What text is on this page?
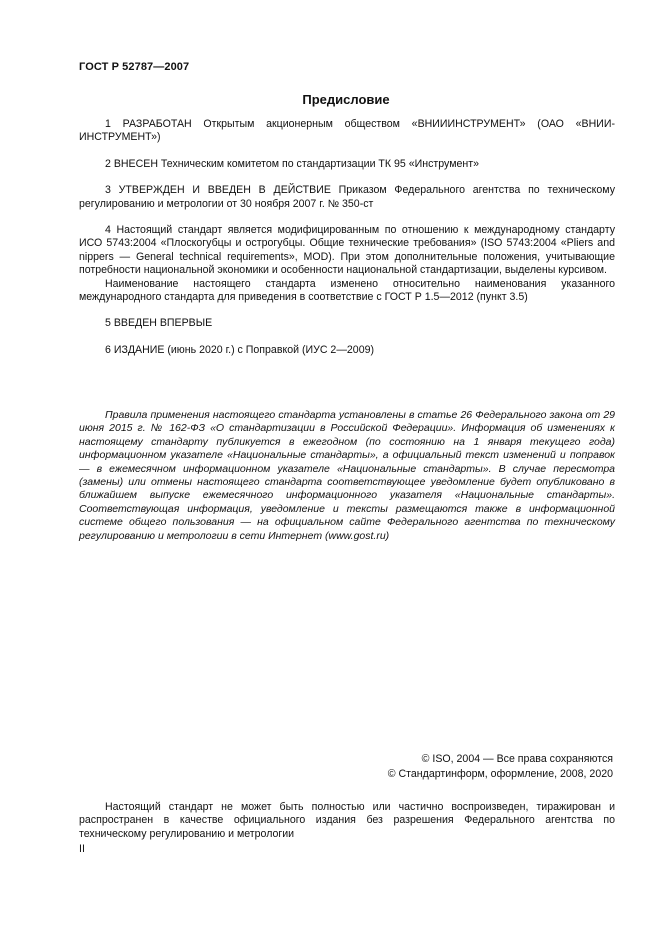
ГОСТ Р 52787—2007
Предисловие

1 РАЗРАБОТАН Открытым акционерным обществом «ВНИИИНСТРУМЕНТ» (ОАО «ВНИИ-ИНСТРУМЕНТ»)

2 ВНЕСЕН Техническим комитетом по стандартизации ТК 95 «Инструмент»

3 УТВЕРЖДЕН И ВВЕДЕН В ДЕЙСТВИЕ Приказом Федерального агентства по техническому регулированию и метрологии от 30 ноября 2007 г. № 350-ст

4 Настоящий стандарт является модифицированным по отношению к международному стандарту ИСО 5743:2004 «Плоскогубцы и острогубцы. Общие технические требования» (ISO 5743:2004 «Pliers and nippers — General technical requirements», MOD). При этом дополнительные положения, учитывающие потребности национальной экономики и особенности национальной стандартизации, выделены курсивом.

Наименование настоящего стандарта изменено относительно наименования указанного международного стандарта для приведения в соответствие с ГОСТ Р 1.5—2012 (пункт 3.5)

5 ВВЕДЕН ВПЕРВЫЕ

6 ИЗДАНИЕ (июнь 2020 г.) с Поправкой (ИУС 2—2009)

Правила применения настоящего стандарта установлены в статье 26 Федерального закона от 29 июня 2015 г. № 162-ФЗ «О стандартизации в Российской Федерации». Информация об изменениях к настоящему стандарту публикуется в ежегодном (по состоянию на 1 января текущего года) информационном указателе «Национальные стандарты», а официальный текст изменений и поправок — в ежемесячном информационном указателе «Национальные стандарты». В случае пересмотра (замены) или отмены настоящего стандарта соответствующее уведомление будет опубликовано в ближайшем выпуске ежемесячного информационного указателя «Национальные стандарты». Соответствующая информация, уведомление и тексты размещаются также в информационной системе общего пользования — на официальном сайте Федерального агентства по техническому регулированию и метрологии в сети Интернет (www.gost.ru)

© ISO, 2004 — Все права сохраняются
© Стандартинформ, оформление, 2008, 2020

Настоящий стандарт не может быть полностью или частично воспроизведен, тиражирован и распространен в качестве официального издания без разрешения Федерального агентства по техническому регулированию и метрологии

II
